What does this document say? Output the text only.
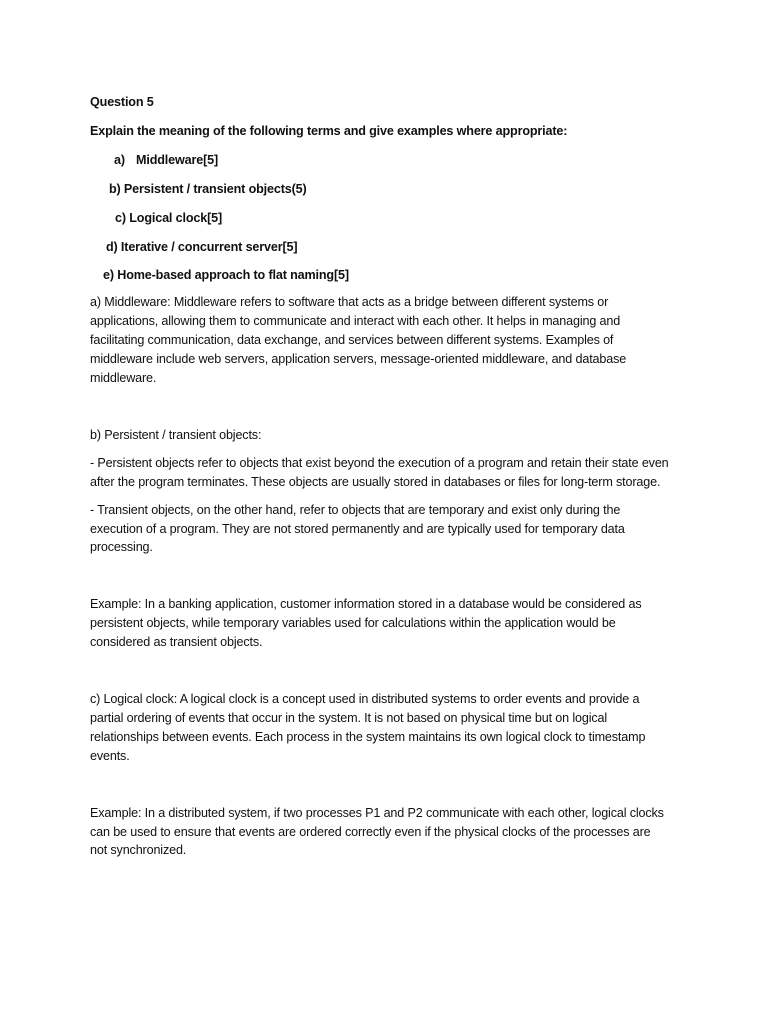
Question 5

Explain the meaning of the following terms and give examples where appropriate:

a) Middleware[5]

b) Persistent / transient objects(5)

c) Logical clock[5]

d) Iterative / concurrent server[5]

e) Home-based approach to flat naming[5]

a) Middleware: Middleware refers to software that acts as a bridge between different systems or applications, allowing them to communicate and interact with each other. It helps in managing and facilitating communication, data exchange, and services between different systems. Examples of middleware include web servers, application servers, message-oriented middleware, and database middleware.

b) Persistent / transient objects:

- Persistent objects refer to objects that exist beyond the execution of a program and retain their state even after the program terminates. These objects are usually stored in databases or files for long-term storage.

- Transient objects, on the other hand, refer to objects that are temporary and exist only during the execution of a program. They are not stored permanently and are typically used for temporary data processing.

Example: In a banking application, customer information stored in a database would be considered as persistent objects, while temporary variables used for calculations within the application would be considered as transient objects.

c) Logical clock: A logical clock is a concept used in distributed systems to order events and provide a partial ordering of events that occur in the system. It is not based on physical time but on logical relationships between events. Each process in the system maintains its own logical clock to timestamp events.

Example: In a distributed system, if two processes P1 and P2 communicate with each other, logical clocks can be used to ensure that events are ordered correctly even if the physical clocks of the processes are not synchronized.
